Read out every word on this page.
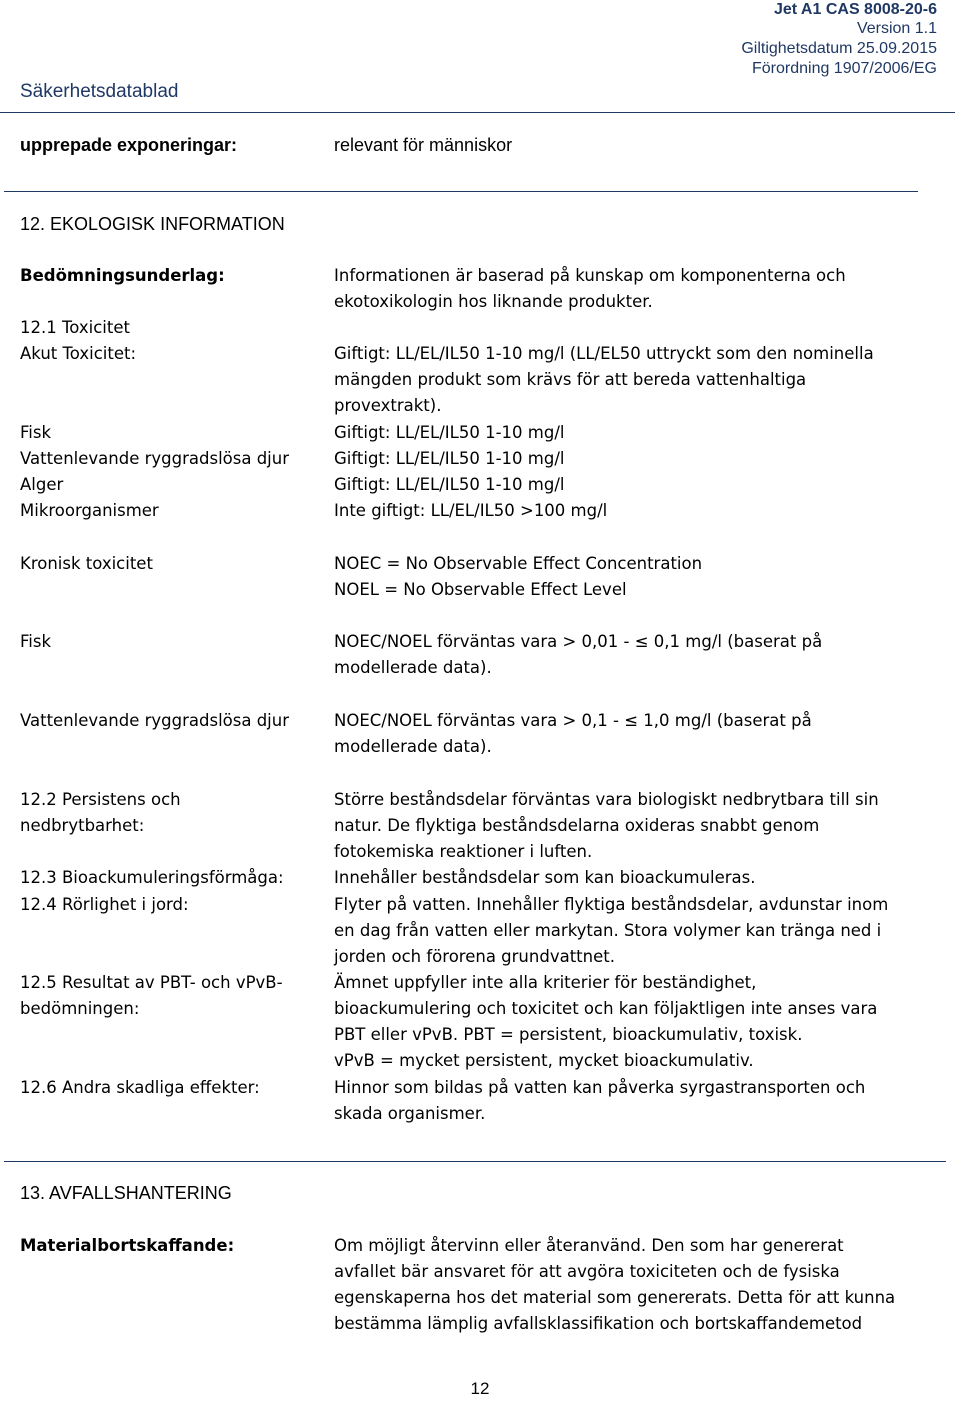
Jet A1 CAS 8008-20-6
Version 1.1
Giltighetsdatum 25.09.2015
Förordning 1907/2006/EG
Säkerhetsdatablad
upprepade exponeringar:	relevant för människor
12. EKOLOGISK INFORMATION
Bedömningsunderlag:	Informationen är baserad på kunskap om komponenterna och
ekotoxikologin hos liknande produkter.
12.1 Toxicitet
Akut Toxicitet:	Giftigt: LL/EL/IL50 1-10 mg/l (LL/EL50 uttryckt som den nominella
mängden produkt som krävs för att bereda vattenhaltiga
provextrakt).
Fisk	Giftigt: LL/EL/IL50 1-10 mg/l
Vattenlevande ryggradslösa djur	Giftigt: LL/EL/IL50 1-10 mg/l
Alger	Giftigt: LL/EL/IL50 1-10 mg/l
Mikroorganismer	Inte giftigt: LL/EL/IL50 >100 mg/l
Kronisk toxicitet	NOEC = No Observable Effect Concentration
NOEL = No Observable Effect Level
Fisk	NOEC/NOEL förväntas vara > 0,01 - ≤ 0,1 mg/l (baserat på
modellerade data).
Vattenlevande ryggradslösa djur	NOEC/NOEL förväntas vara > 0,1 - ≤ 1,0 mg/l (baserat på
modellerade data).
12.2 Persistens och
nedbrytbarhet:
Större beståndsdelar förväntas vara biologiskt nedbrytbara till sin
natur. De flyktiga beståndsdelarna oxideras snabbt genom
fotokemiska reaktioner i luften.
12.3 Bioackumuleringsförmåga:	Innehåller beståndsdelar som kan bioackumuleras.
12.4 Rörlighet i jord:	Flyter på vatten. Innehåller flyktiga beståndsdelar, avdunstar inom
en dag från vatten eller markytan. Stora volymer kan tränga ned i
jorden och förorena grundvattnet.
12.5 Resultat av PBT- och vPvB-
bedömningen:
Ämnet uppfyller inte alla kriterier för beständighet,
bioackumulering och toxicitet och kan följaktligen inte anses vara
PBT eller vPvB. PBT = persistent, bioackumulativ, toxisk.
vPvB = mycket persistent, mycket bioackumulativ.
12.6 Andra skadliga effekter:	Hinnor som bildas på vatten kan påverka syrgastransporten och
skada organismer.
13. AVFALLSHANTERING
Materialbortskaffande:	Om möjligt återvinn eller återanvänd. Den som har genererat
avfallet bär ansvaret för att avgöra toxiciteten och de fysiska
egenskaperna hos det material som genererats. Detta för att kunna
bestämma lämplig avfallsklassifikation och bortskaffandemetod
12
